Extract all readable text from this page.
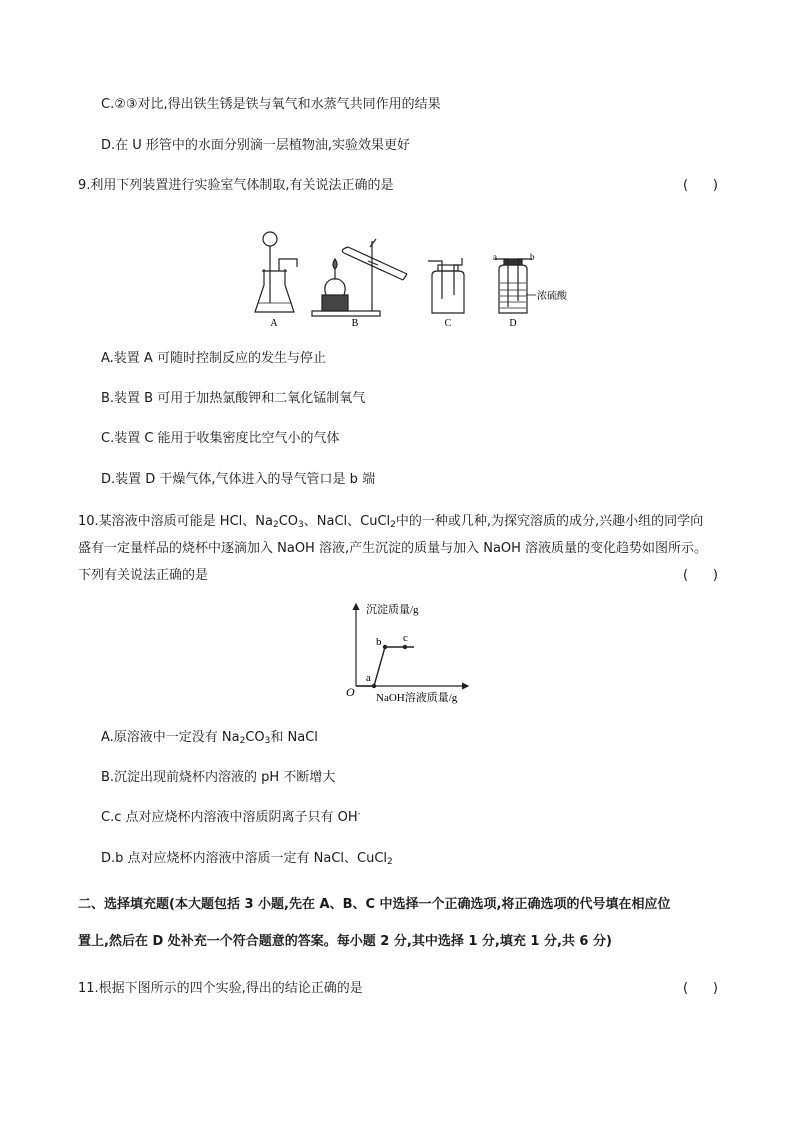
C.②③对比,得出铁生锈是铁与氧气和水蒸气共同作用的结果
D.在 U 形管中的水面分别滴一层植物油,实验效果更好
9.利用下列装置进行实验室气体制取,有关说法正确的是	(      )
A	B	C
a	b
浓硫酸
D
A.装置 A 可随时控制反应的发生与停止
B.装置 B 可用于加热氯酸钾和二氧化锰制氧气
C.装置 C 能用于收集密度比空气小的气体
D.装置 D 干燥气体,气体进入的导气管口是 b 端
10.某溶液中溶质可能是 HCl、$Na_2CO_3$、NaCl、CuCl$_2$中的一种或几种,为探究溶质的成分,兴趣小组的同学向
盛有一定量样品的烧杯中逐滴加入 NaOH 溶液,产生沉淀的质量与加入 NaOH 溶液质量的变化趋势如图所示。
下列有关说法正确的是	(      )
沉淀质量/g
NaOH溶液质量/g
O
a
b c
A.原溶液中一定没有 $Na_2CO_3$和 NaCl
B.沉淀出现前烧杯内溶液的 pH 不断增大
C.c 点对应烧杯内溶液中溶质阴离子只有 OH-
D.b 点对应烧杯内溶液中溶质一定有 NaCl、CuCl$_2$
二、选择填充题(本大题包括 3 小题,先在 A、B、C 中选择一个正确选项,将正确选项的代号填在相应位
置上,然后在 D 处补充一个符合题意的答案。每小题 2 分,其中选择 1 分,填充 1 分,共 6 分)
11.根据下图所示的四个实验,得出的结论正确的是	(      )
